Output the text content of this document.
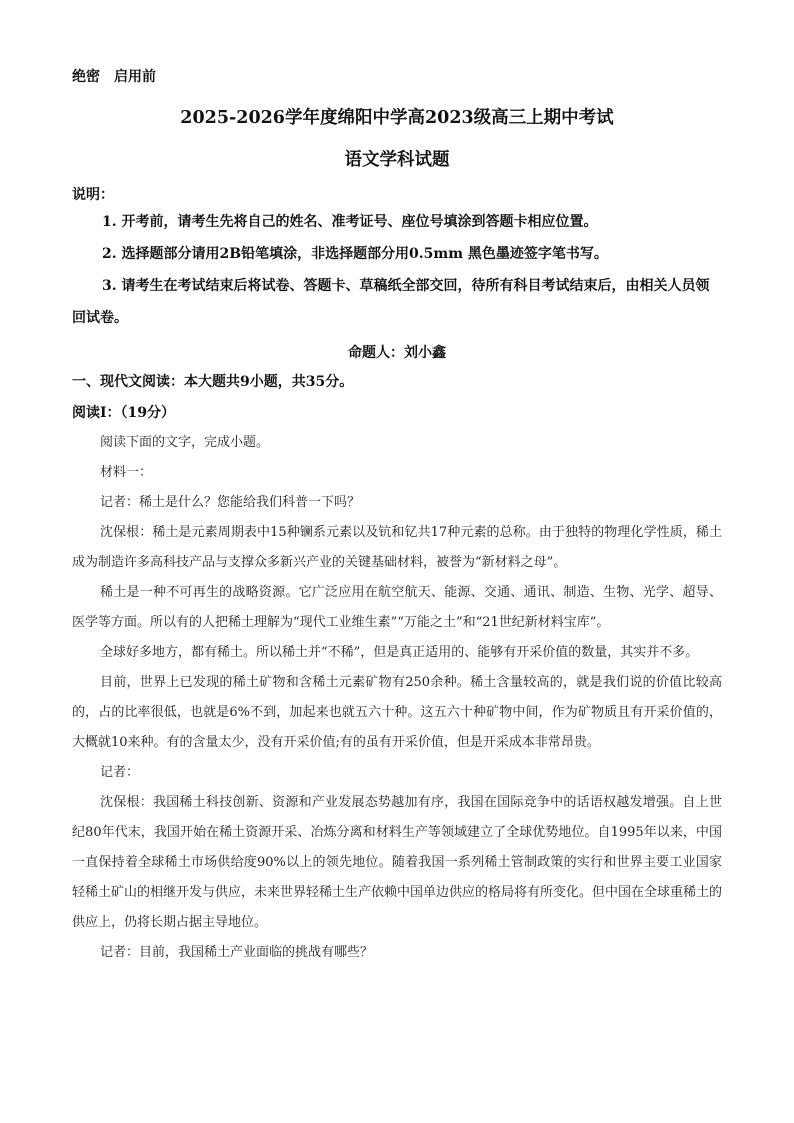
绝密　启用前
2025-2026学年度绵阳中学高2023级高三上期中考试
语文学科试题
说明：

1. 开考前，请考生先将自己的姓名、准考证号、座位号填涂到答题卡相应位置。

2. 选择题部分请用2B铅笔填涂，非选择题部分用0.5mm 黑色墨迹签字笔书写。

3. 请考生在考试结束后将试卷、答题卡、草稿纸全部交回，待所有科目考试结束后，由相关人员领回试卷。

命题人：刘小鑫
一、现代文阅读：本大题共9小题，共35分。
阅读I：（19分）

阅读下面的文字，完成小题。

材料一：

记者：稀土是什么？您能给我们科普一下吗？

沈保根：稀土是元素周期表中15种镧系元素以及钪和钇共17种元素的总称。由于独特的物理化学性质，稀土成为制造许多高科技产品与支撑众多新兴产业的关键基础材料，被誉为“新材料之母”。

稀土是一种不可再生的战略资源。它广泛应用在航空航天、能源、交通、通讯、制造、生物、光学、超导、医学等方面。所以有的人把稀土理解为“现代工业维生素”“万能之土”和“21世纪新材料宝库”。

全球好多地方，都有稀土。所以稀土并“不稀”，但是真正适用的、能够有开采价值的数量，其实并不多。

目前，世界上已发现的稀土矿物和含稀土元素矿物有250余种。稀土含量较高的，就是我们说的价值比较高的，占的比率很低，也就是6%不到，加起来也就五六十种。这五六十种矿物中间，作为矿物质且有开采价值的，大概就10来种。有的含量太少，没有开采价值;有的虽有开采价值，但是开采成本非常昂贵。

记者：

沈保根：我国稀土科技创新、资源和产业发展态势越加有序，我国在国际竞争中的话语权越发增强。自上世纪80年代末，我国开始在稀土资源开采、冶炼分离和材料生产等领域建立了全球优势地位。自1995年以来，中国一直保持着全球稀土市场供给度90%以上的领先地位。随着我国一系列稀土管制政策的实行和世界主要工业国家轻稀土矿山的相继开发与供应，未来世界轻稀土生产依赖中国单边供应的格局将有所变化。但中国在全球重稀土的供应上，仍将长期占据主导地位。

记者：目前，我国稀土产业面临的挑战有哪些？
